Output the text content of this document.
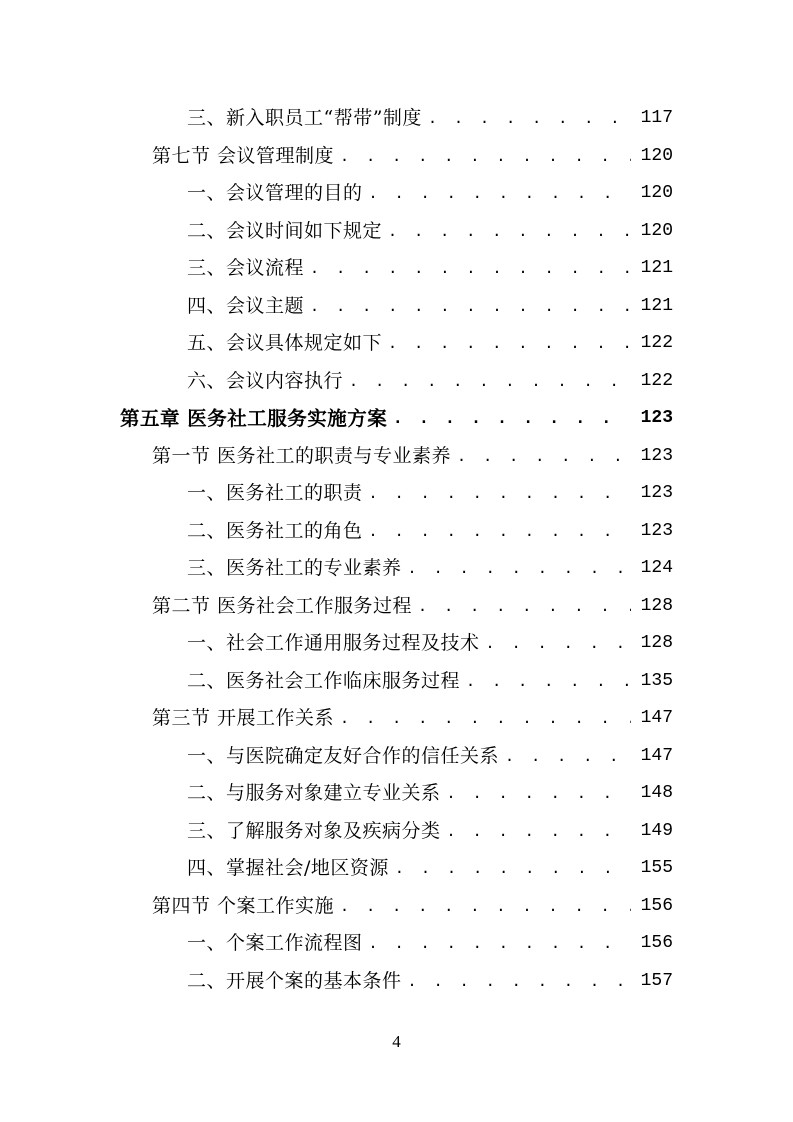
三、新入职员工“帮带”制度 . . .	117
第七节 会议管理制度 . . .	120
一、会议管理的目的 . . .	120
二、会议时间如下规定 . . .	120
三、会议流程 . . .	121
四、会议主题 . . .	121
五、会议具体规定如下 . . .	122
六、会议内容执行 . . .	122
第五章 医务社工服务实施方案 . . .	123
第一节 医务社工的职责与专业素养 . . .	123
一、医务社工的职责 . . .	123
二、医务社工的角色 . . .	123
三、医务社工的专业素养 . . .	124
第二节 医务社会工作服务过程 . . .	128
一、社会工作通用服务过程及技术 . . .	128
二、医务社会工作临床服务过程 . . .	135
第三节 开展工作关系 . . .	147
一、与医院确定友好合作的信任关系 . . .	147
二、与服务对象建立专业关系 . . .	148
三、了解服务对象及疾病分类 . . .	149
四、掌握社会/地区资源 . . .	155
第四节 个案工作实施 . . .	156
一、个案工作流程图 . . .	156
二、开展个案的基本条件 . . .	157
4
